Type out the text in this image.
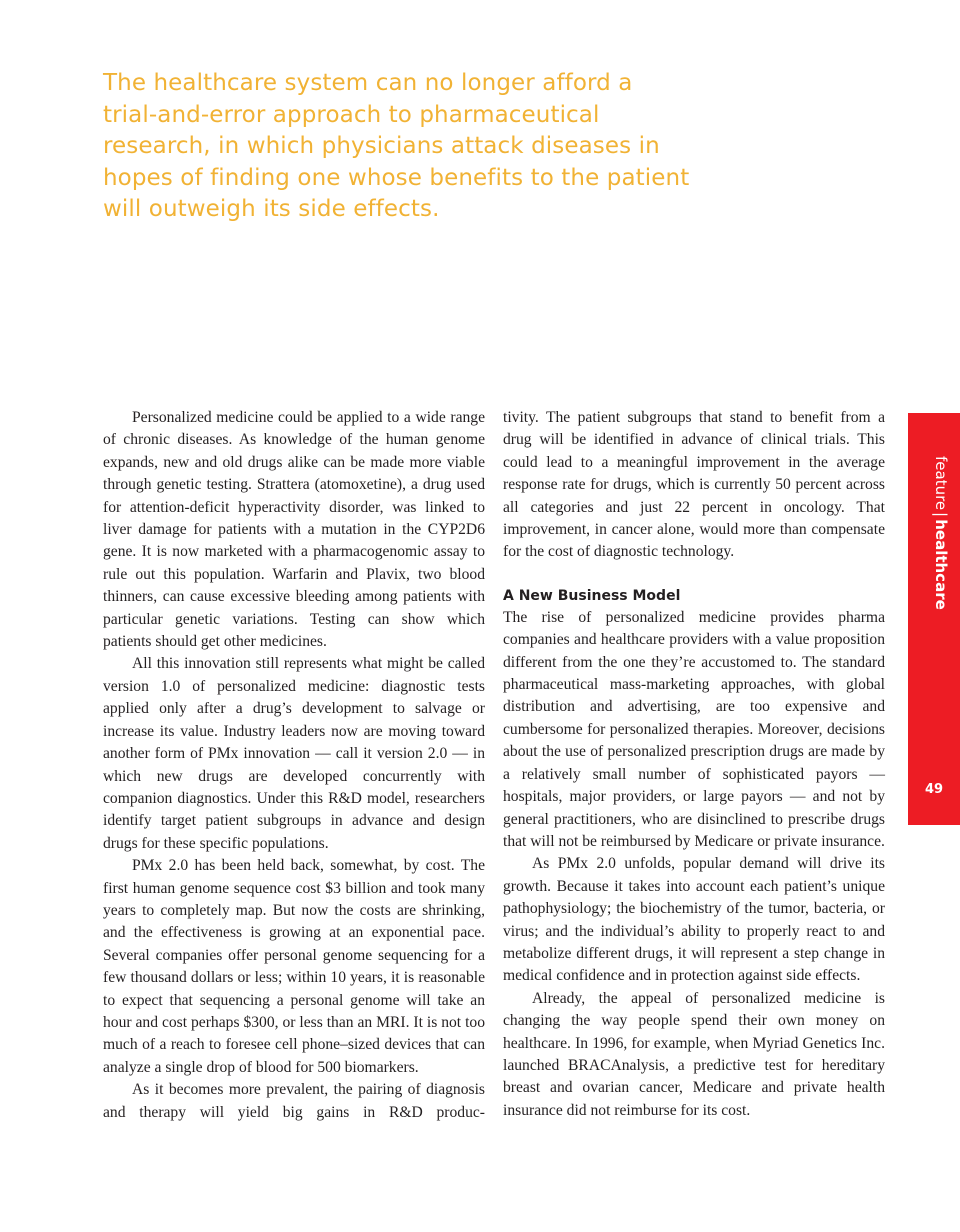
The healthcare system can no longer afford a trial-and-error approach to pharmaceutical research, in which physicians attack diseases in hopes of finding one whose benefits to the patient will outweigh its side effects.

Personalized medicine could be applied to a wide range of chronic diseases. As knowledge of the human genome expands, new and old drugs alike can be made more viable through genetic testing. Strattera (atomoxetine), a drug used for attention-deficit hyperactivity disorder, was linked to liver damage for patients with a mutation in the CYP2D6 gene. It is now marketed with a pharmacogenomic assay to rule out this population. Warfarin and Plavix, two blood thinners, can cause excessive bleeding among patients with particular genetic variations. Testing can show which patients should get other medicines.

All this innovation still represents what might be called version 1.0 of personalized medicine: diagnostic tests applied only after a drug’s development to salvage or increase its value. Industry leaders now are moving toward another form of PMx innovation — call it version 2.0 — in which new drugs are developed concurrently with companion diagnostics. Under this R&D model, researchers identify target patient subgroups in advance and design drugs for these specific populations.

PMx 2.0 has been held back, somewhat, by cost. The first human genome sequence cost $3 billion and took many years to completely map. But now the costs are shrinking, and the effectiveness is growing at an exponential pace. Several companies offer personal genome sequencing for a few thousand dollars or less; within 10 years, it is reasonable to expect that sequencing a personal genome will take an hour and cost perhaps $300, or less than an MRI. It is not too much of a reach to foresee cell phone–sized devices that can analyze a single drop of blood for 500 biomarkers.

As it becomes more prevalent, the pairing of diagnosis and therapy will yield big gains in R&D produc-

tivity. The patient subgroups that stand to benefit from a drug will be identified in advance of clinical trials. This could lead to a meaningful improvement in the average response rate for drugs, which is currently 50 percent across all categories and just 22 percent in oncology. That improvement, in cancer alone, would more than compensate for the cost of diagnostic technology.

A New Business Model

The rise of personalized medicine provides pharma companies and healthcare providers with a value proposition different from the one they’re accustomed to. The standard pharmaceutical mass-marketing approaches, with global distribution and advertising, are too expensive and cumbersome for personalized therapies. Moreover, decisions about the use of personalized prescription drugs are made by a relatively small number of sophisticated payors — hospitals, major providers, or large payors — and not by general practitioners, who are disinclined to prescribe drugs that will not be reimbursed by Medicare or private insurance.

As PMx 2.0 unfolds, popular demand will drive its growth. Because it takes into account each patient’s unique pathophysiology; the biochemistry of the tumor, bacteria, or virus; and the individual’s ability to properly react to and metabolize different drugs, it will represent a step change in medical confidence and in protection against side effects.

Already, the appeal of personalized medicine is changing the way people spend their own money on healthcare. In 1996, for example, when Myriad Genetics Inc. launched BRACAnalysis, a predictive test for hereditary breast and ovarian cancer, Medicare and private health insurance did not reimburse for its cost.

feature|healthcare
49
